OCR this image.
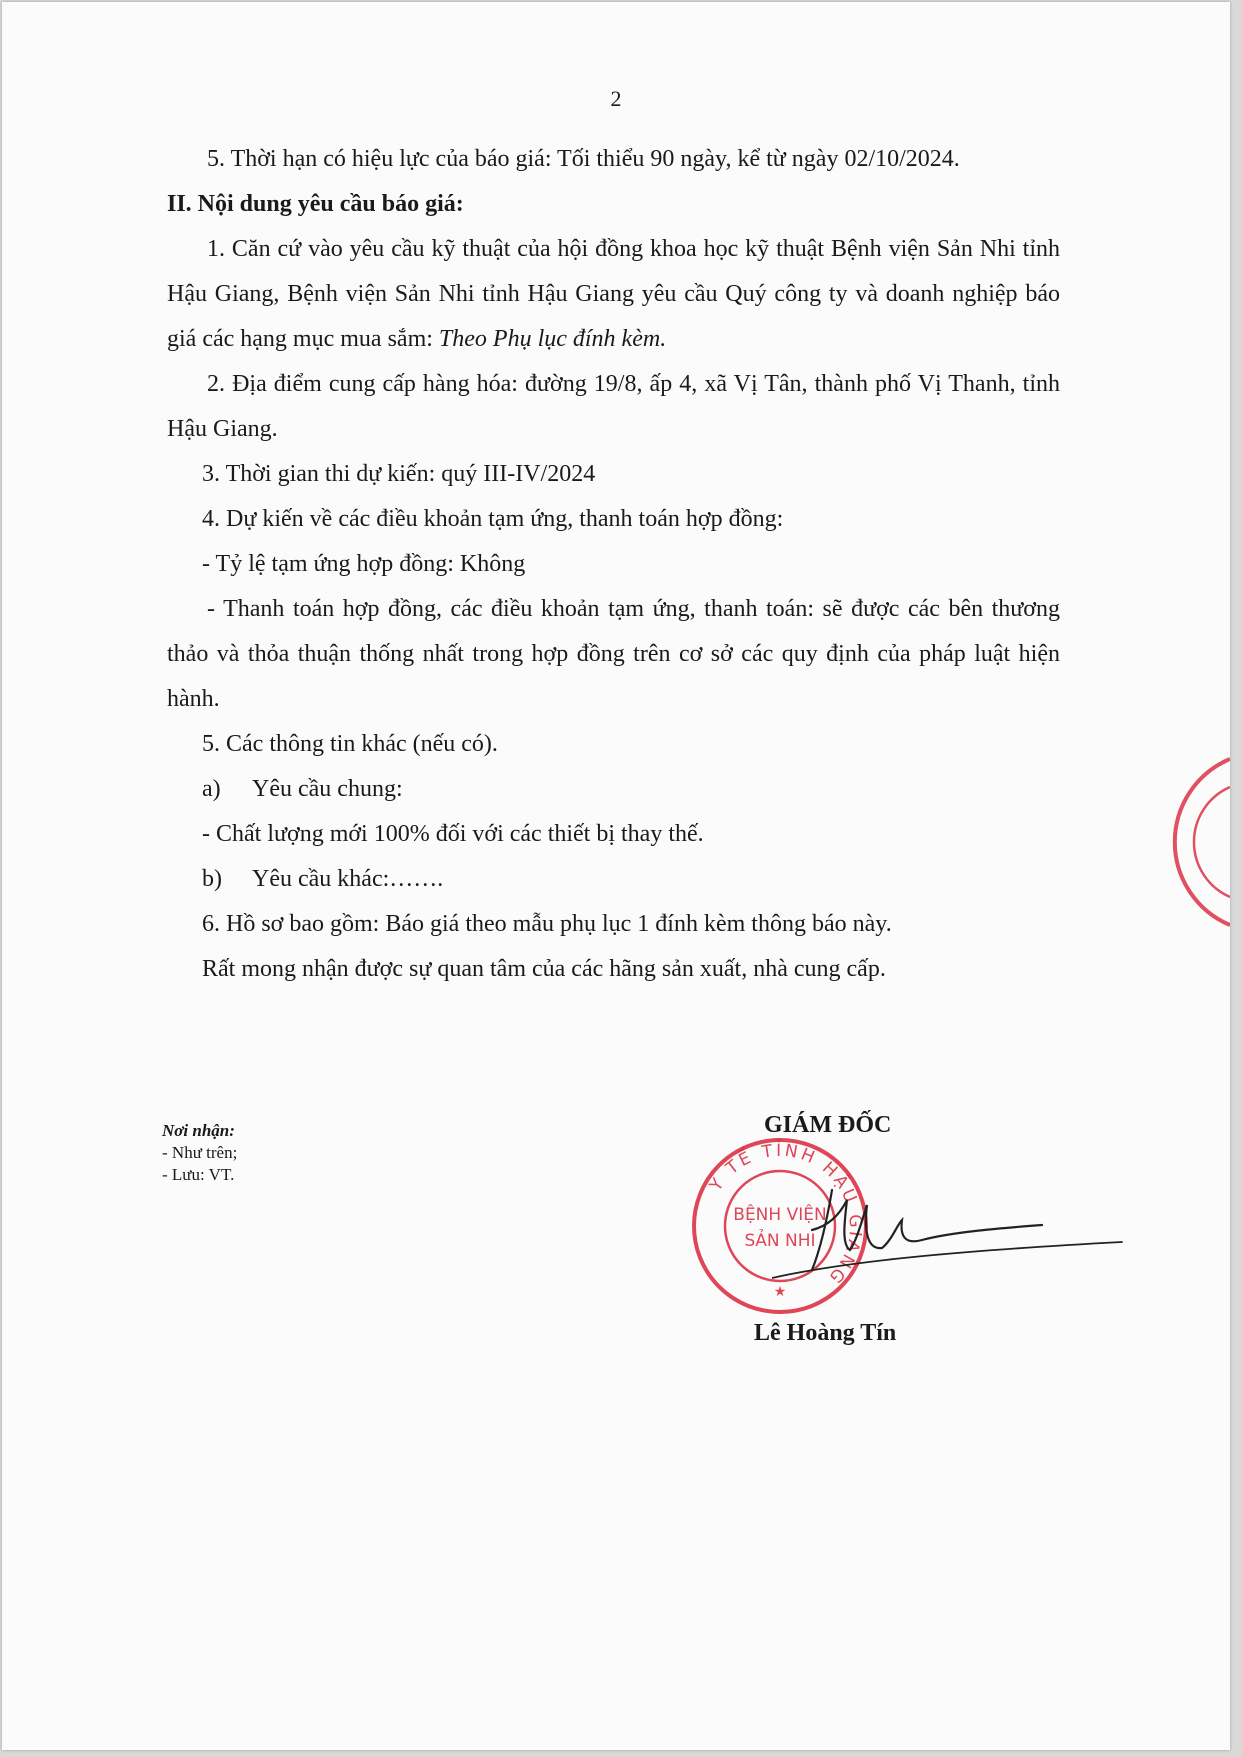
2

5. Thời hạn có hiệu lực của báo giá: Tối thiểu 90 ngày, kể từ ngày 02/10/2024.

II. Nội dung yêu cầu báo giá:

1. Căn cứ vào yêu cầu kỹ thuật của hội đồng khoa học kỹ thuật Bệnh viện Sản Nhi tỉnh Hậu Giang, Bệnh viện Sản Nhi tỉnh Hậu Giang yêu cầu Quý công ty và doanh nghiệp báo giá các hạng mục mua sắm: Theo Phụ lục đính kèm.

2. Địa điểm cung cấp hàng hóa: đường 19/8, ấp 4, xã Vị Tân, thành phố Vị Thanh, tỉnh Hậu Giang.

3. Thời gian thi dự kiến: quý III-IV/2024

4. Dự kiến về các điều khoản tạm ứng, thanh toán hợp đồng:

- Tỷ lệ tạm ứng hợp đồng: Không

- Thanh toán hợp đồng, các điều khoản tạm ứng, thanh toán: sẽ được các bên thương thảo và thỏa thuận thống nhất trong hợp đồng trên cơ sở các quy định của pháp luật hiện hành.

5. Các thông tin khác (nếu có).

a) Yêu cầu chung:

- Chất lượng mới 100% đối với các thiết bị thay thế.

b) Yêu cầu khác:…….

6. Hồ sơ bao gồm: Báo giá theo mẫu phụ lục 1 đính kèm thông báo này.

Rất mong nhận được sự quan tâm của các hãng sản xuất, nhà cung cấp.

Nơi nhận:
- Như trên;
- Lưu: VT.
GIÁM ĐỐC
Y TẾ TỈNH HẬU GIANG
BỆNH VIỆN
SẢN NHI
★
Lê Hoàng Tín
